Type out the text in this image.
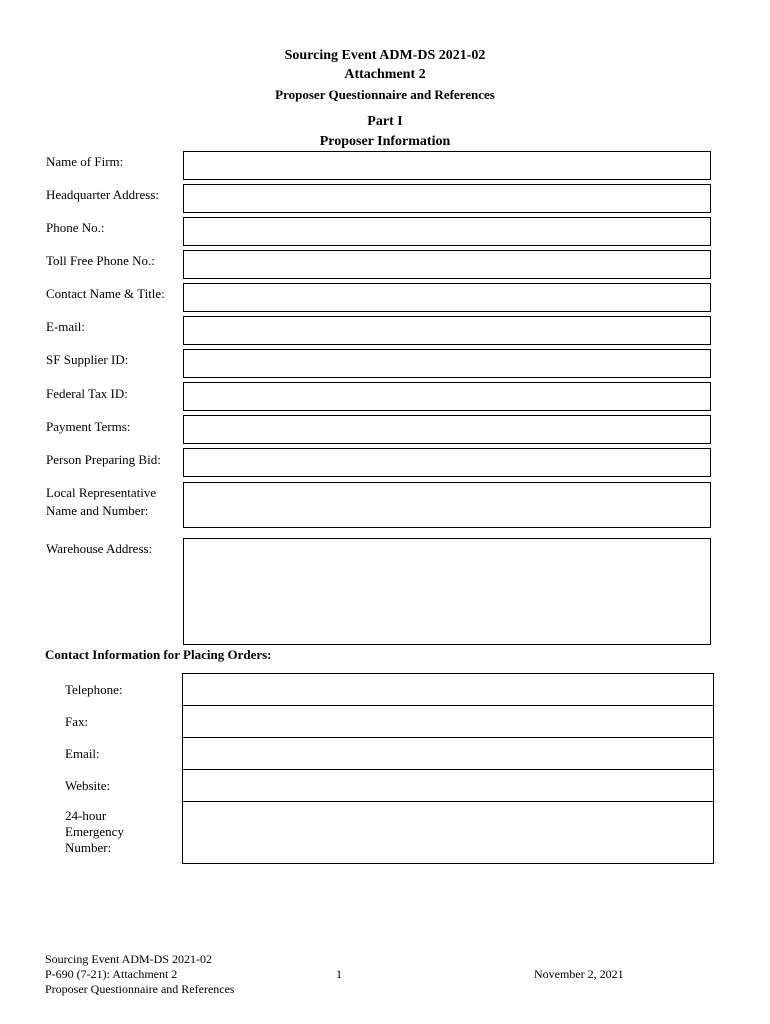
Sourcing Event ADM-DS 2021-02
Attachment 2
Proposer Questionnaire and References
Part I
Proposer Information
Name of Firm:
Headquarter Address:
Phone No.:
Toll Free Phone No.:
Contact Name & Title:
E-mail:
SF Supplier ID:
Federal Tax ID:
Payment Terms:
Person Preparing Bid:
Local Representative
Name and Number:
Warehouse Address:
Contact Information for Placing Orders:
Telephone:
Fax:
Email:
Website:
24-hour
Emergency
Number:
Sourcing Event ADM-DS 2021-02
P-690 (7-21): Attachment 2
Proposer Questionnaire and References
1	November 2, 2021
